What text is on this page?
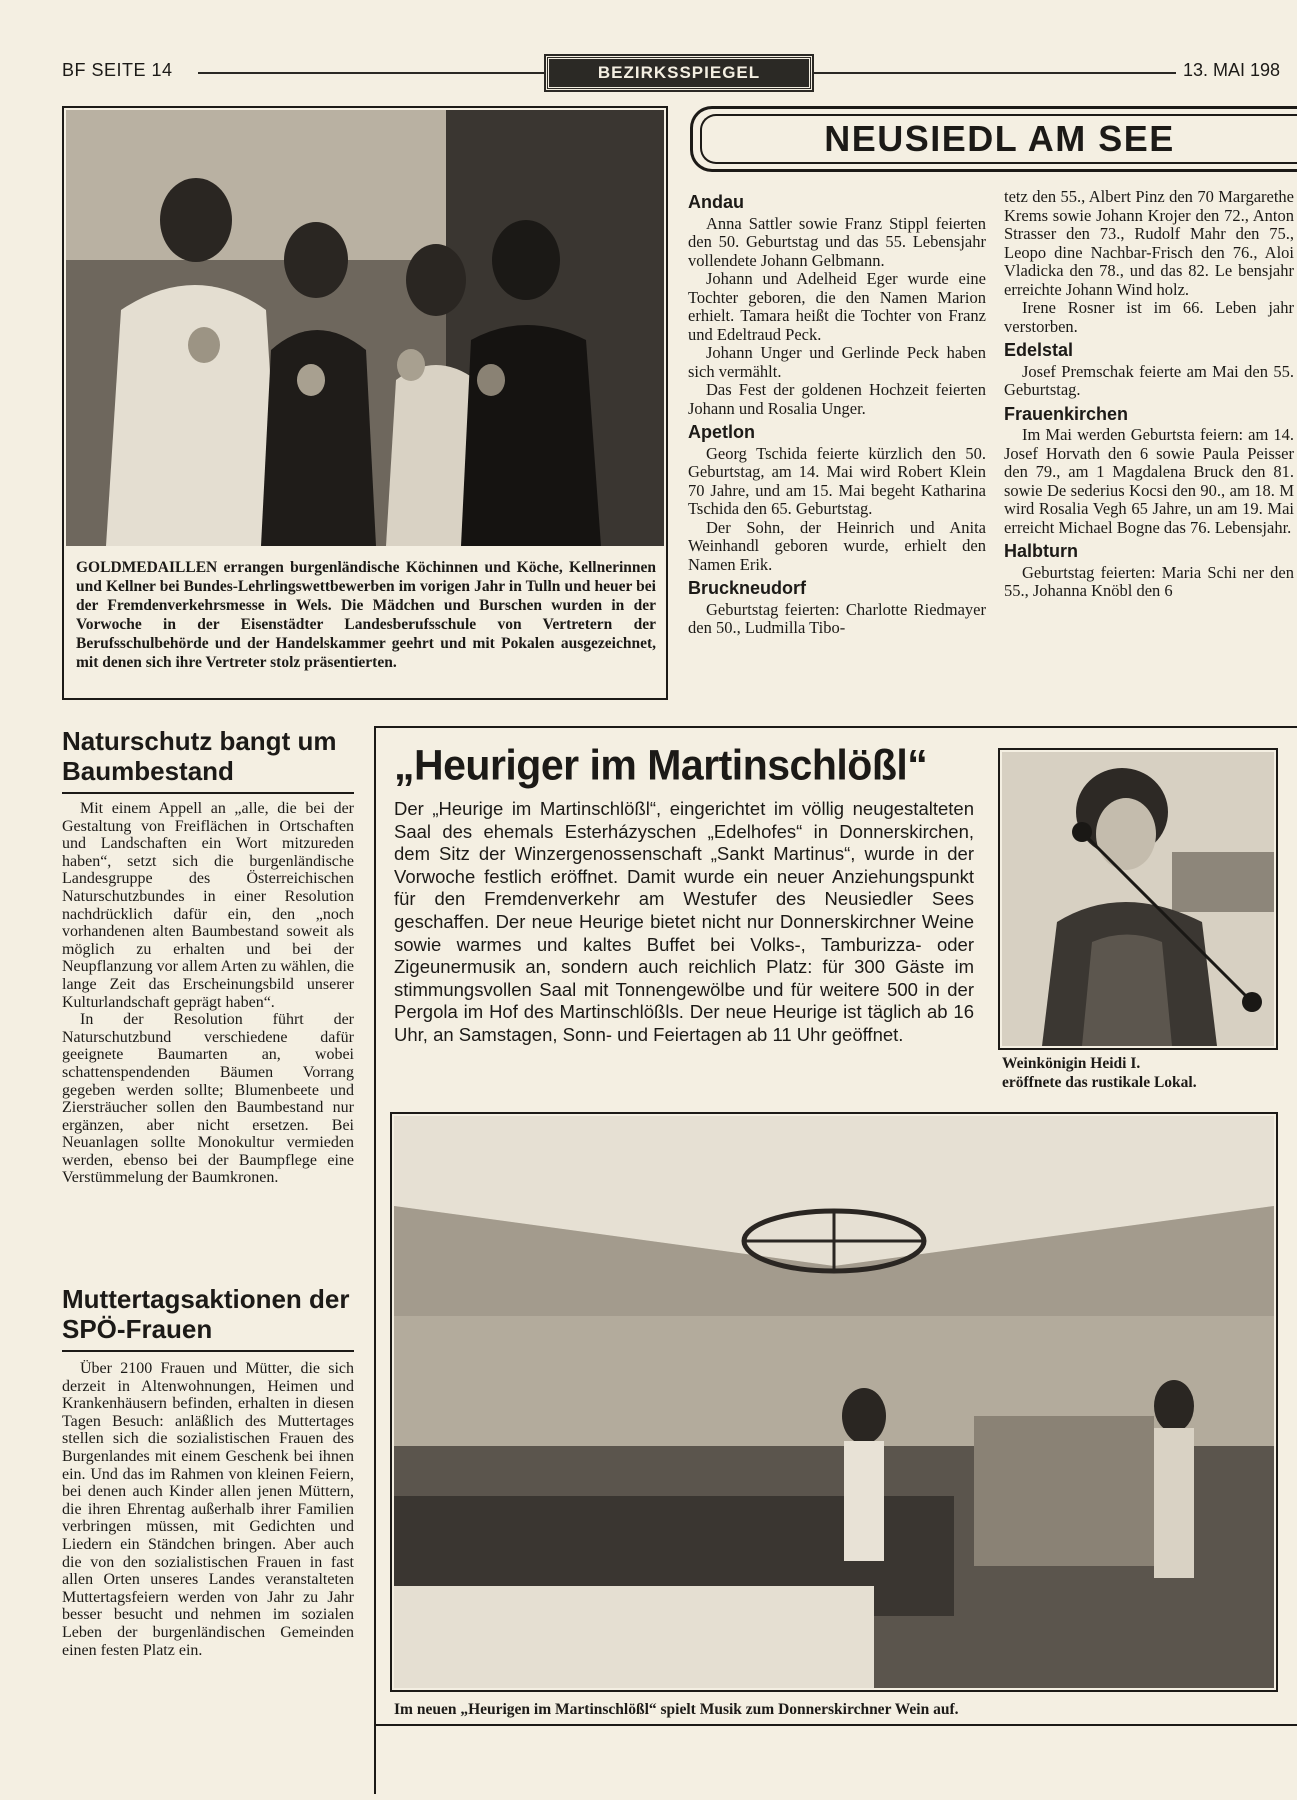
BF SEITE 14	BEZIRKSSPIEGEL	13. MAI 198
GOLDMEDAILLEN errangen burgenländische Köchinnen und Köche, Kellnerinnen und Kellner bei Bundes-Lehrlingswettbewerben im vorigen Jahr in Tulln und heuer bei der Fremdenverkehrsmesse in Wels. Die Mädchen und Burschen wurden in der Vorwoche in der Eisenstädter Landesberufsschule von Vertretern der Berufsschulbehörde und der Handelskammer geehrt und mit Pokalen ausgezeichnet, mit denen sich ihre Vertreter stolz präsentierten.
NEUSIEDL AM SEE
Andau

Anna Sattler sowie Franz Stippl feierten den 50. Geburtstag und das 55. Lebensjahr vollendete Johann Gelbmann.

Johann und Adelheid Eger wurde eine Tochter geboren, die den Namen Marion erhielt. Tamara heißt die Tochter von Franz und Edeltraud Peck.

Johann Unger und Gerlinde Peck haben sich vermählt.

Das Fest der goldenen Hochzeit feierten Johann und Rosalia Unger.

Apetlon

Georg Tschida feierte kürzlich den 50. Geburtstag, am 14. Mai wird Robert Klein 70 Jahre, und am 15. Mai begeht Katharina Tschida den 65. Geburtstag.

Der Sohn, der Heinrich und Anita Weinhandl geboren wurde, erhielt den Namen Erik.

Bruckneudorf

Geburtstag feierten: Charlotte Riedmayer den 50., Ludmilla Tibo-

tetz den 55., Albert Pinz den 70 Margarethe Krems sowie Johann Krojer den 72., Anton Strasser den 73., Rudolf Mahr den 75., Leopo dine Nachbar-Frisch den 76., Aloi Vladicka den 78., und das 82. Le bensjahr erreichte Johann Wind holz.

Irene Rosner ist im 66. Leben jahr verstorben.

Edelstal

Josef Premschak feierte am Mai den 55. Geburtstag.

Frauenkirchen

Im Mai werden Geburtsta feiern: am 14. Josef Horvath den 6 sowie Paula Peisser den 79., am 1 Magdalena Bruck den 81. sowie De sederius Kocsi den 90., am 18. M wird Rosalia Vegh 65 Jahre, un am 19. Mai erreicht Michael Bogne das 76. Lebensjahr.

Halbturn

Geburtstag feierten: Maria Schi ner den 55., Johanna Knöbl den 6

Naturschutz bangt um Baumbestand

Mit einem Appell an „alle, die bei der Gestaltung von Freiflächen in Ortschaften und Landschaften ein Wort mitzureden haben“, setzt sich die burgenländische Landesgruppe des Österreichischen Naturschutzbundes in einer Resolution nachdrücklich dafür ein, den „noch vorhandenen alten Baumbestand soweit als möglich zu erhalten und bei der Neupflanzung vor allem Arten zu wählen, die lange Zeit das Erscheinungsbild unserer Kulturlandschaft geprägt haben“.

In der Resolution führt der Naturschutzbund verschiedene dafür geeignete Baumarten an, wobei schattenspendenden Bäumen Vorrang gegeben werden sollte; Blumenbeete und Ziersträucher sollen den Baumbestand nur ergänzen, aber nicht ersetzen. Bei Neuanlagen sollte Monokultur vermieden werden, ebenso bei der Baumpflege eine Verstümmelung der Baumkronen.

Muttertagsaktionen der SPÖ-Frauen

Über 2100 Frauen und Mütter, die sich derzeit in Altenwohnungen, Heimen und Krankenhäusern befinden, erhalten in diesen Tagen Besuch: anläßlich des Muttertages stellen sich die sozialistischen Frauen des Burgenlandes mit einem Geschenk bei ihnen ein. Und das im Rahmen von kleinen Feiern, bei denen auch Kinder allen jenen Müttern, die ihren Ehrentag außerhalb ihrer Familien verbringen müssen, mit Gedichten und Liedern ein Ständchen bringen. Aber auch die von den sozialistischen Frauen in fast allen Orten unseres Landes veranstalteten Muttertagsfeiern werden von Jahr zu Jahr besser besucht und nehmen im sozialen Leben der burgenländischen Gemeinden einen festen Platz ein.

„Heuriger im Martinschlößl“
Der „Heurige im Martinschlößl“, eingerichtet im völlig neugestalteten Saal des ehemals Esterházyschen „Edelhofes“ in Donnerskirchen, dem Sitz der Winzergenossenschaft „Sankt Martinus“, wurde in der Vorwoche festlich eröffnet. Damit wurde ein neuer Anziehungspunkt für den Fremdenverkehr am Westufer des Neusiedler Sees geschaffen. Der neue Heurige bietet nicht nur Donnerskirchner Weine sowie warmes und kaltes Buffet bei Volks-, Tamburizza- oder Zigeunermusik an, sondern auch reichlich Platz: für 300 Gäste im stimmungsvollen Saal mit Tonnengewölbe und für weitere 500 in der Pergola im Hof des Martinschlößls. Der neue Heurige ist täglich ab 16 Uhr, an Samstagen, Sonn- und Feiertagen ab 11 Uhr geöffnet.
Weinkönigin Heidi I.
eröffnete das rustikale Lokal.
Im neuen „Heurigen im Martinschlößl“ spielt Musik zum Donnerskirchner Wein auf.
